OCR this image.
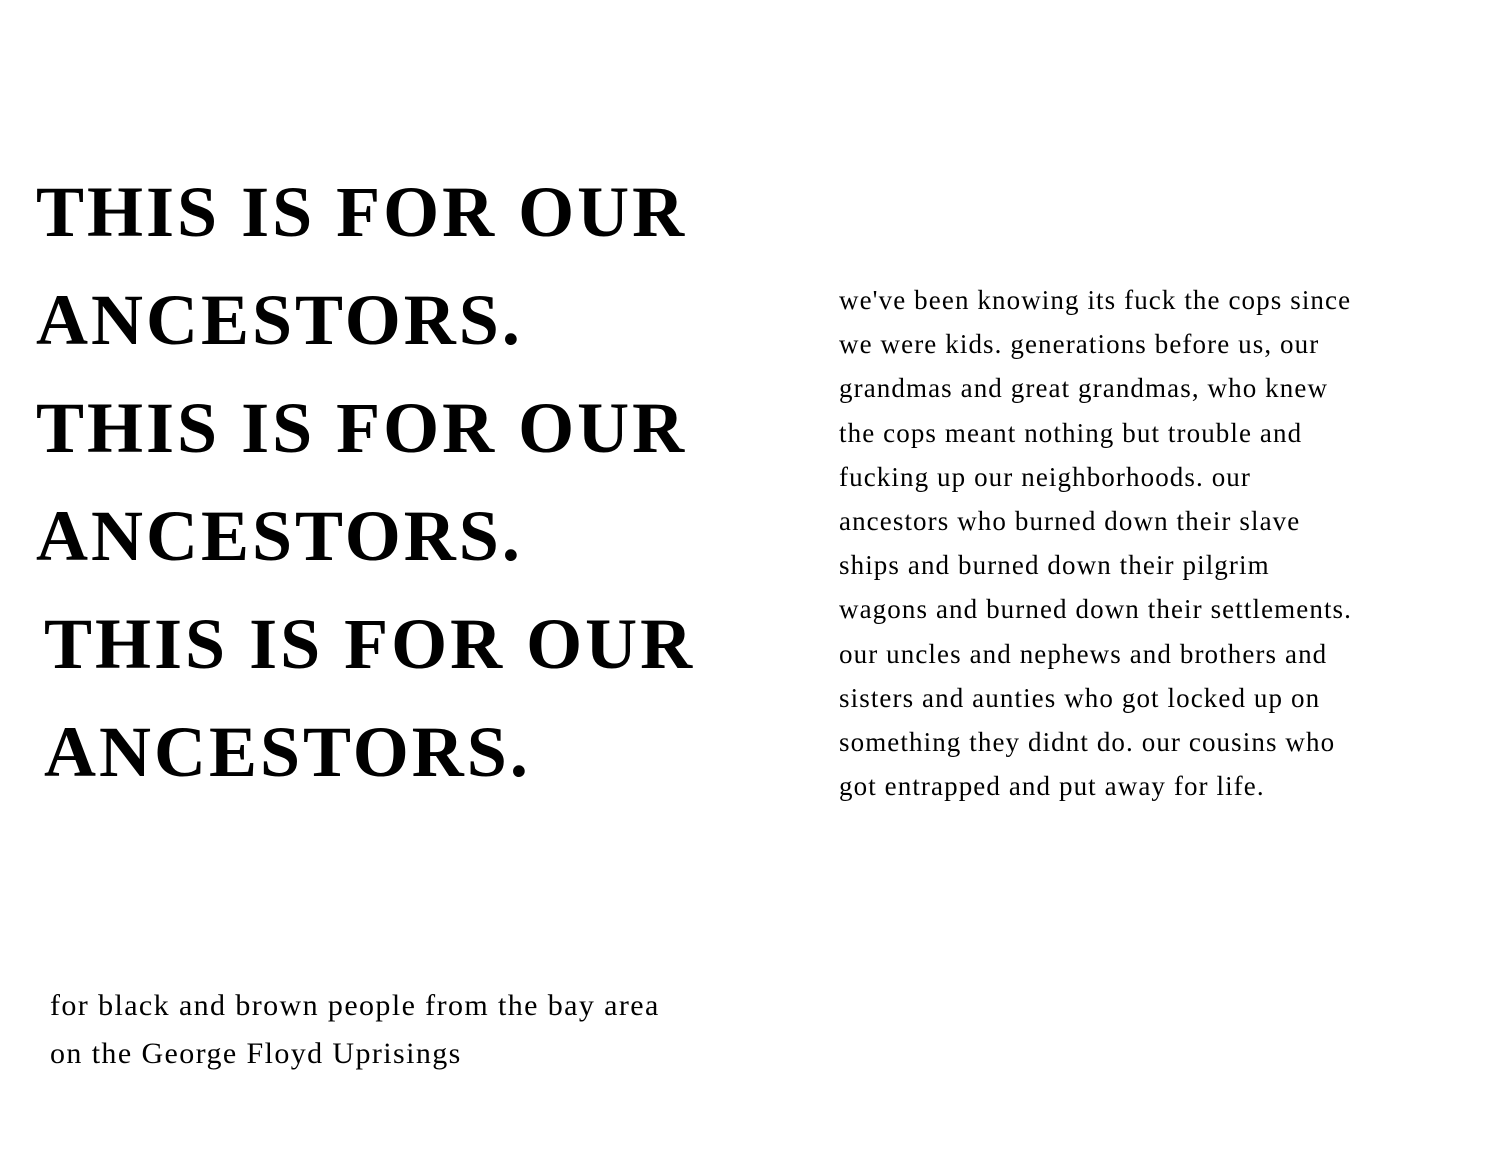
THIS IS FOR OUR
ANCESTORS.
THIS IS FOR OUR
ANCESTORS.
THIS IS FOR OUR
ANCESTORS.
we've been knowing its fuck the cops since
we were kids. generations before us, our
grandmas and great grandmas, who knew
the cops meant nothing but trouble and
fucking up our neighborhoods. our
ancestors who burned down their slave
ships and burned down their pilgrim
wagons and burned down their settlements.
our uncles and nephews and brothers and
sisters and aunties who got locked up on
something they didnt do. our cousins who
got entrapped and put away for life.
for black and brown people from the bay area
on the George Floyd Uprisings
